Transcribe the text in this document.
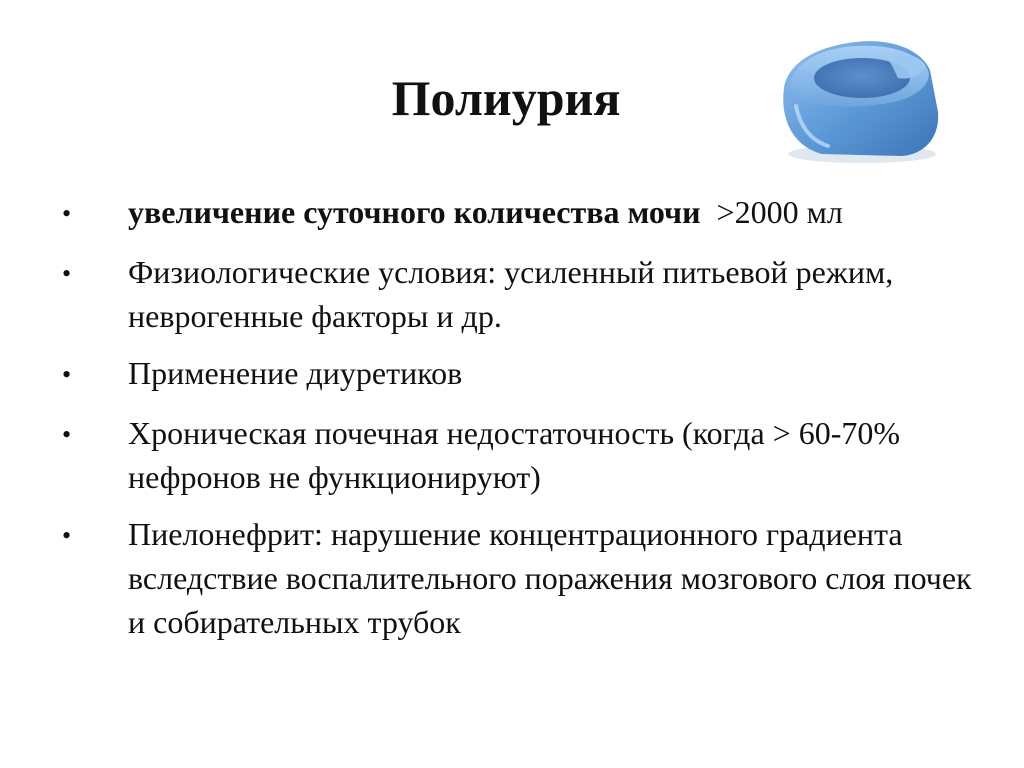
Полиурия
•	увеличение суточного количества мочи  >2000 мл
•	Физиологические условия: усиленный питьевой режим, неврогенные факторы и др.
•	Применение диуретиков
•	Хроническая почечная недостаточность (когда > 60-70% нефронов не функционируют)
•	Пиелонефрит: нарушение концентрационного градиента вследствие воспалительного поражения мозгового слоя почек и собирательных трубок
